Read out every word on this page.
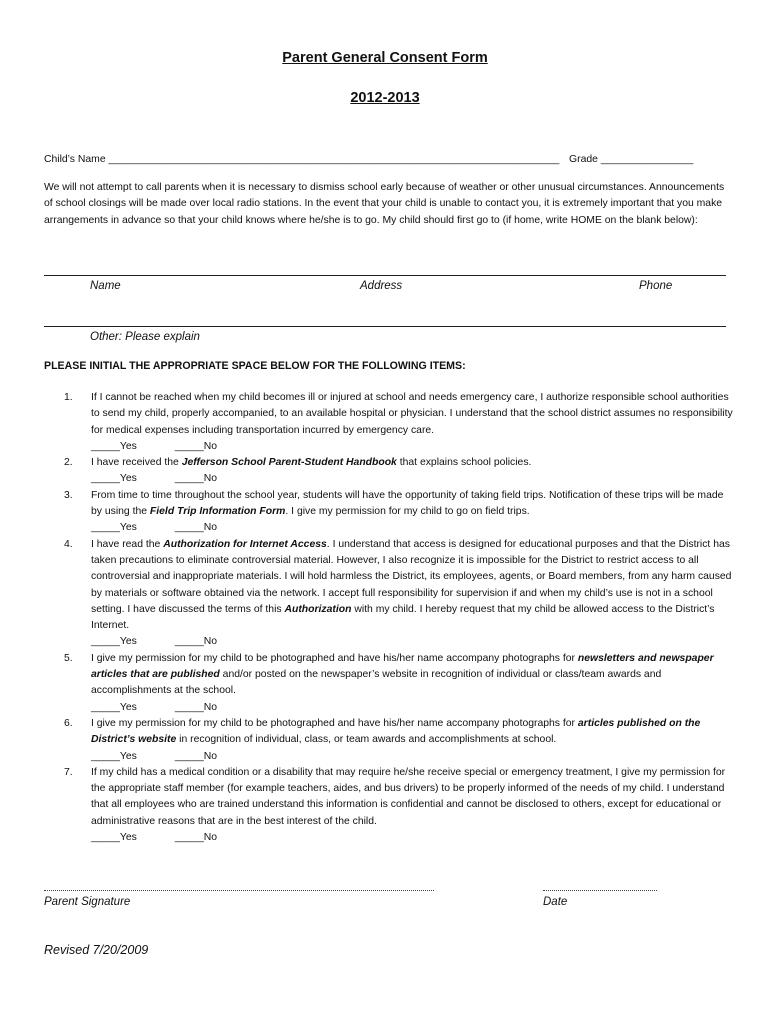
Parent General Consent Form
2012-2013
Child’s Name ______________________________________________________________________________ Grade ________________
We will not attempt to call parents when it is necessary to dismiss school early because of weather or other unusual circumstances. Announcements of school closings will be made over local radio stations. In the event that your child is unable to contact you, it is extremely important that you make arrangements in advance so that your child knows where he/she is to go. My child should first go to (if home, write HOME on the blank below):
Name	Address	Phone
Other: Please explain
PLEASE INITIAL THE APPROPRIATE SPACE BELOW FOR THE FOLLOWING ITEMS:
1. If I cannot be reached when my child becomes ill or injured at school and needs emergency care, I authorize responsible school authorities to send my child, properly accompanied, to an available hospital or physician. I understand that the school district assumes no responsibility for medical expenses including transportation incurred by emergency care.
_____Yes	_____No
2. I have received the Jefferson School Parent-Student Handbook that explains school policies.
_____Yes	_____No
3. From time to time throughout the school year, students will have the opportunity of taking field trips. Notification of these trips will be made by using the Field Trip Information Form. I give my permission for my child to go on field trips.
_____Yes	_____No
4. I have read the Authorization for Internet Access. I understand that access is designed for educational purposes and that the District has taken precautions to eliminate controversial material. However, I also recognize it is impossible for the District to restrict access to all controversial and inappropriate materials. I will hold harmless the District, its employees, agents, or Board members, from any harm caused by materials or software obtained via the network. I accept full responsibility for supervision if and when my child’s use is not in a school setting. I have discussed the terms of this Authorization with my child. I hereby request that my child be allowed access to the District’s Internet.
_____Yes	_____No
5. I give my permission for my child to be photographed and have his/her name accompany photographs for newsletters and newspaper articles that are published and/or posted on the newspaper’s website in recognition of individual or class/team awards and accomplishments at the school.
_____Yes	_____No
6. I give my permission for my child to be photographed and have his/her name accompany photographs for articles published on the District’s website in recognition of individual, class, or team awards and accomplishments at school.
_____Yes	_____No
7. If my child has a medical condition or a disability that may require he/she receive special or emergency treatment, I give my permission for the appropriate staff member (for example teachers, aides, and bus drivers) to be properly informed of the needs of my child. I understand that all employees who are trained understand this information is confidential and cannot be disclosed to others, except for educational or administrative reasons that are in the best interest of the child.
_____Yes	_____No
Parent Signature	Date
Revised 7/20/2009
